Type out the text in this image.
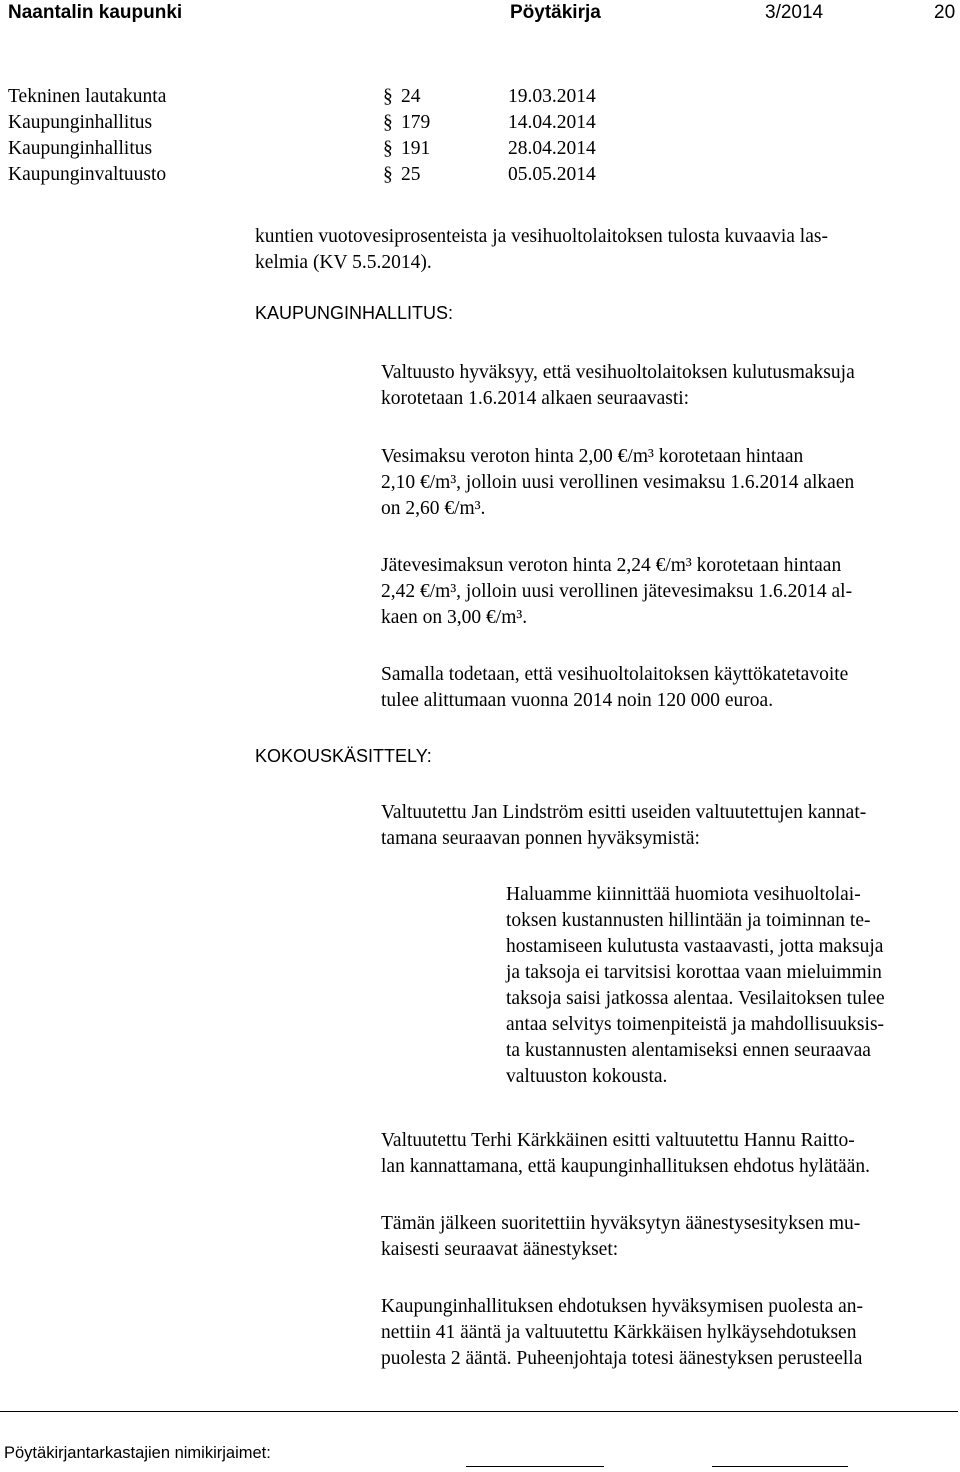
Naantalin kaupunki	Pöytäkirja	3/2014	20
Tekninen lautakunta	§ 24	19.03.2014
Kaupunginhallitus	§ 179	14.04.2014
Kaupunginhallitus	§ 191	28.04.2014
Kaupunginvaltuusto	§ 25	05.05.2014
kuntien vuotovesiprosenteista ja vesihuoltolaitoksen tulosta kuvaavia las-
kelmia (KV 5.5.2014).
KAUPUNGINHALLITUS:
Valtuusto hyväksyy, että vesihuoltolaitoksen kulutusmaksuja
korotetaan 1.6.2014 alkaen seuraavasti:
Vesimaksu veroton hinta 2,00 €/m³ korotetaan hintaan
2,10 €/m³, jolloin uusi verollinen vesimaksu 1.6.2014 alkaen
on 2,60 €/m³.
Jätevesimaksun veroton hinta 2,24 €/m³ korotetaan hintaan
2,42 €/m³, jolloin uusi verollinen jätevesimaksu 1.6.2014 al-
kaen on 3,00 €/m³.
Samalla todetaan, että vesihuoltolaitoksen käyttökatetavoite
tulee alittumaan vuonna 2014 noin 120 000 euroa.
KOKOUSKÄSITTELY:
Valtuutettu Jan Lindström esitti useiden valtuutettujen kannat-
tamana seuraavan ponnen hyväksymistä:
Haluamme kiinnittää huomiota vesihuoltolai-
toksen kustannusten hillintään ja toiminnan te-
hostamiseen kulutusta vastaavasti, jotta maksuja
ja taksoja ei tarvitsisi korottaa vaan mieluimmin
taksoja saisi jatkossa alentaa. Vesilaitoksen tulee
antaa selvitys toimenpiteistä ja mahdollisuuksis-
ta kustannusten alentamiseksi ennen seuraavaa
valtuuston kokousta.
Valtuutettu Terhi Kärkkäinen esitti valtuutettu Hannu Raitto-
lan kannattamana, että kaupunginhallituksen ehdotus hylätään.
Tämän jälkeen suoritettiin hyväksytyn äänestysesityksen mu-
kaisesti seuraavat äänestykset:
Kaupunginhallituksen ehdotuksen hyväksymisen puolesta an-
nettiin 41 ääntä ja valtuutettu Kärkkäisen hylkäysehdotuksen
puolesta 2 ääntä. Puheenjohtaja totesi äänestyksen perusteella
Pöytäkirjantarkastajien nimikirjaimet:
